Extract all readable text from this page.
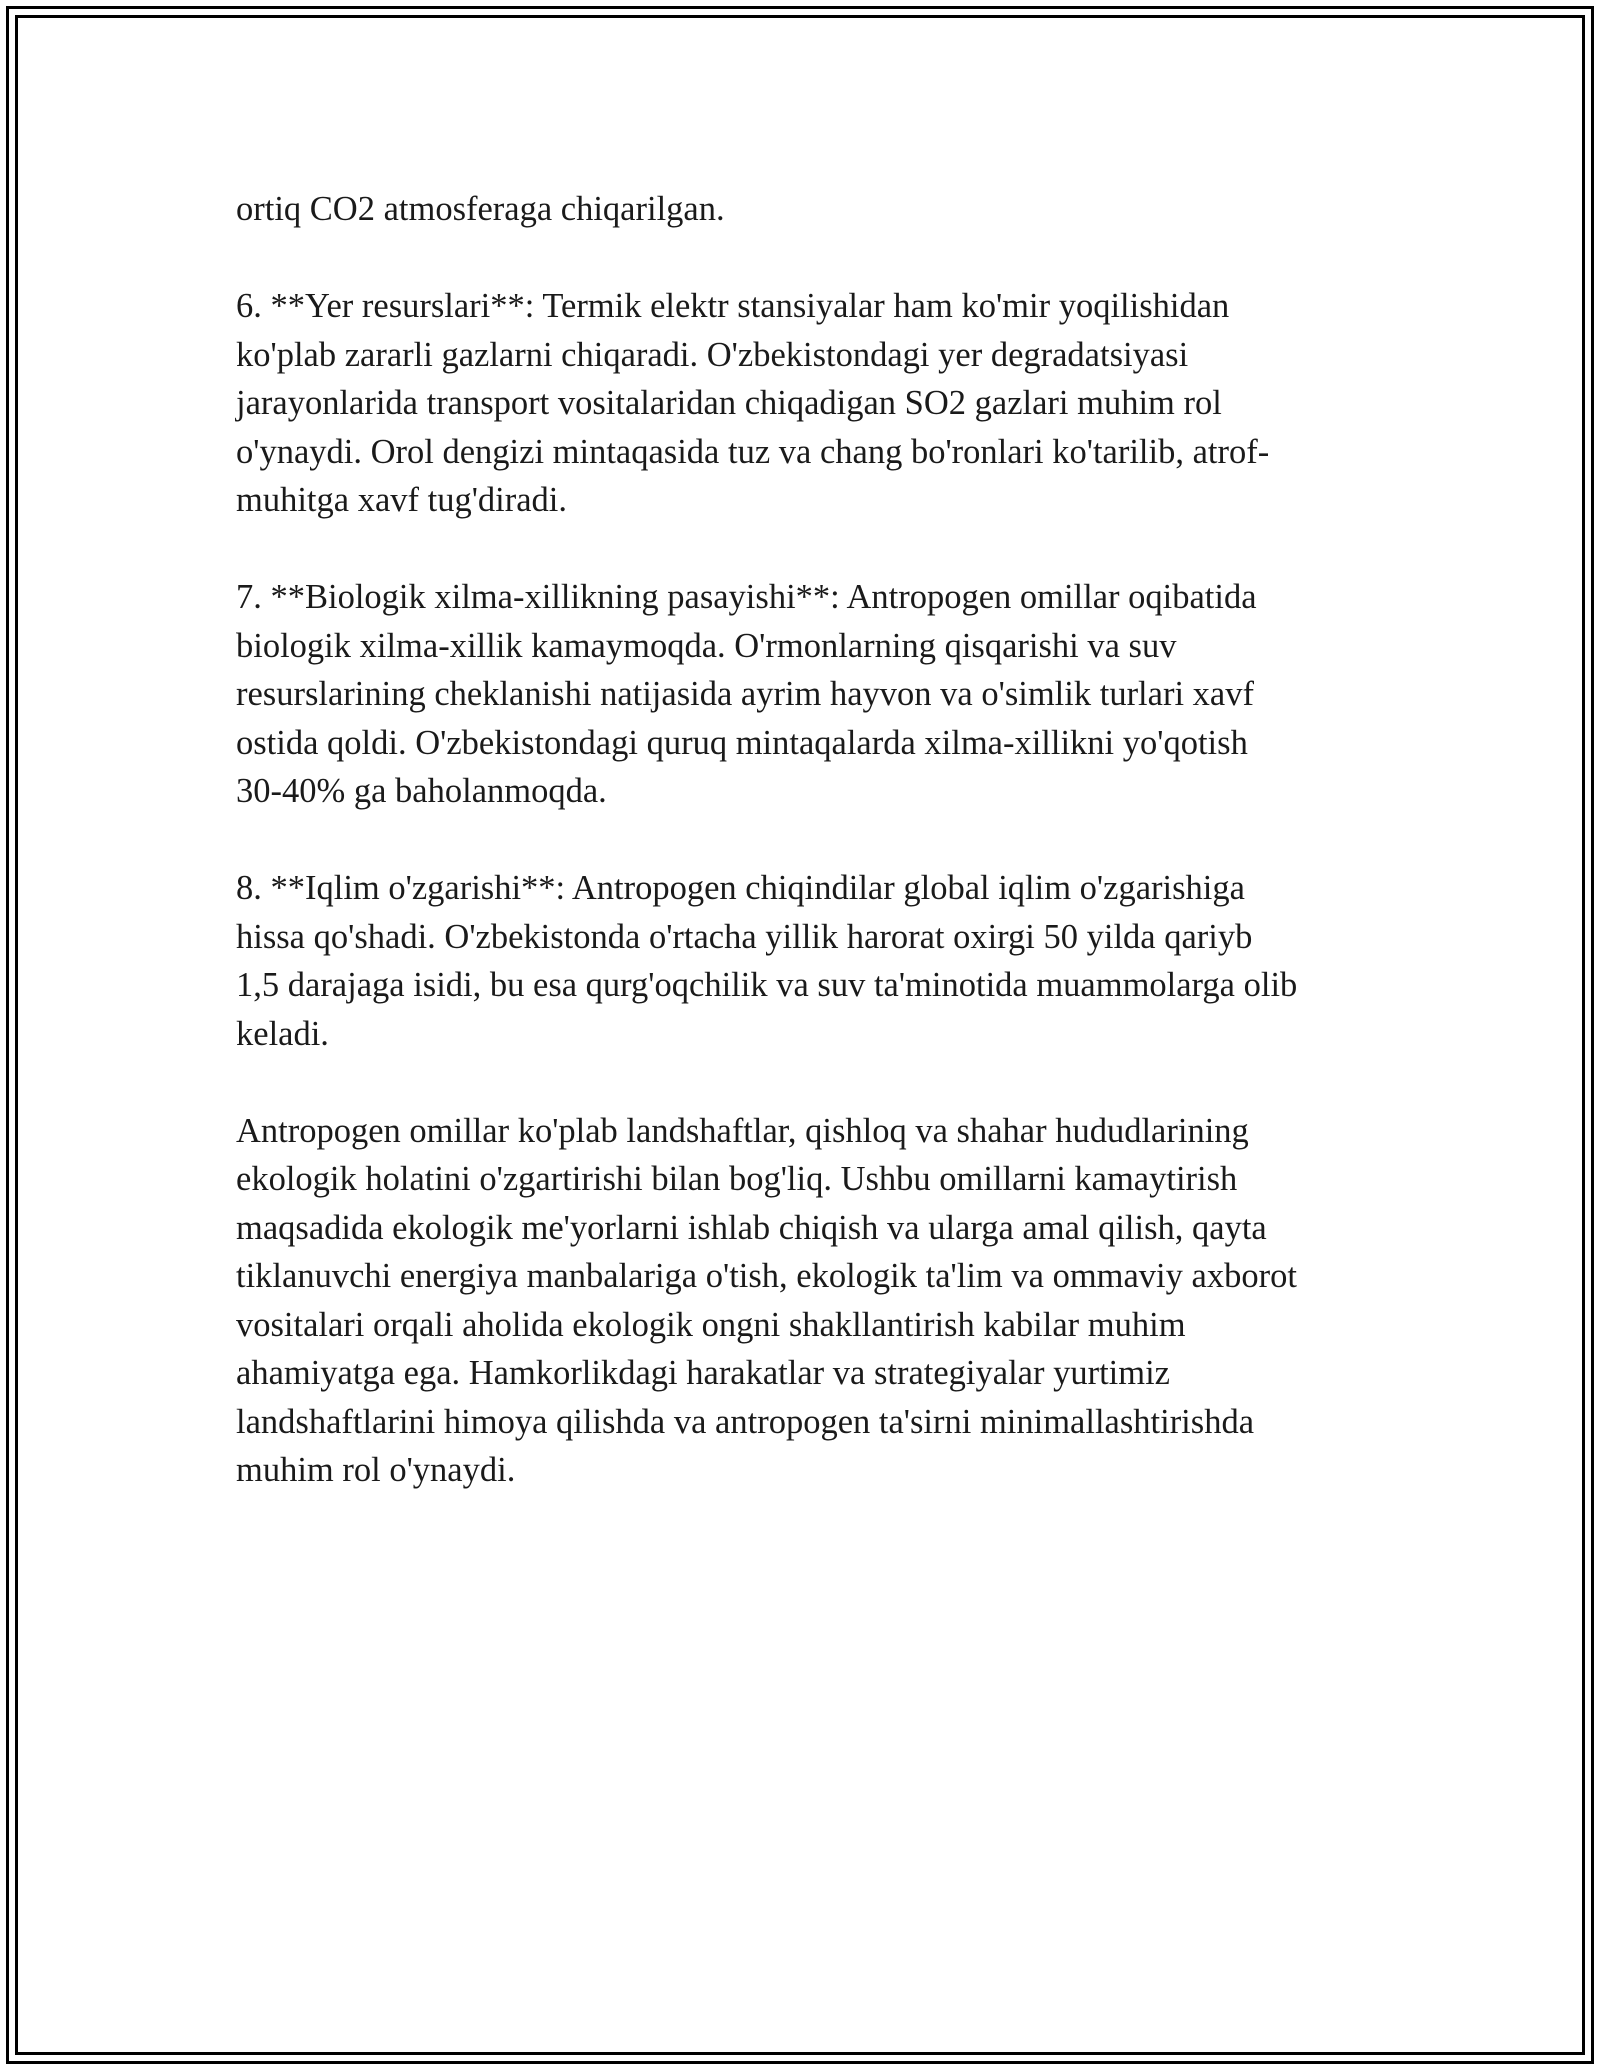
ortiq CO2 atmosferaga chiqarilgan.

6. **Yer resurslari**: Termik elektr stansiyalar ham ko'mir yoqilishidan
ko'plab zararli gazlarni chiqaradi. O'zbekistondagi yer degradatsiyasi
jarayonlarida transport vositalaridan chiqadigan SO2 gazlari muhim rol
o'ynaydi. Orol dengizi mintaqasida tuz va chang bo'ronlari ko'tarilib, atrof-
muhitga xavf tug'diradi.

7. **Biologik xilma-xillikning pasayishi**: Antropogen omillar oqibatida
biologik xilma-xillik kamaymoqda. O'rmonlarning qisqarishi va suv
resurslarining cheklanishi natijasida ayrim hayvon va o'simlik turlari xavf
ostida qoldi. O'zbekistondagi quruq mintaqalarda xilma-xillikni yo'qotish
30-40% ga baholanmoqda.

8. **Iqlim o'zgarishi**: Antropogen chiqindilar global iqlim o'zgarishiga
hissa qo'shadi. O'zbekistonda o'rtacha yillik harorat oxirgi 50 yilda qariyb
1,5 darajaga isidi, bu esa qurg'oqchilik va suv ta'minotida muammolarga olib
keladi.

Antropogen omillar ko'plab landshaftlar, qishloq va shahar hududlarining
ekologik holatini o'zgartirishi bilan bog'liq. Ushbu omillarni kamaytirish
maqsadida ekologik me'yorlarni ishlab chiqish va ularga amal qilish, qayta
tiklanuvchi energiya manbalariga o'tish, ekologik ta'lim va ommaviy axborot
vositalari orqali aholida ekologik ongni shakllantirish kabilar muhim
ahamiyatga ega. Hamkorlikdagi harakatlar va strategiyalar yurtimiz
landshaftlarini himoya qilishda va antropogen ta'sirni minimallashtirishda
muhim rol o'ynaydi.
